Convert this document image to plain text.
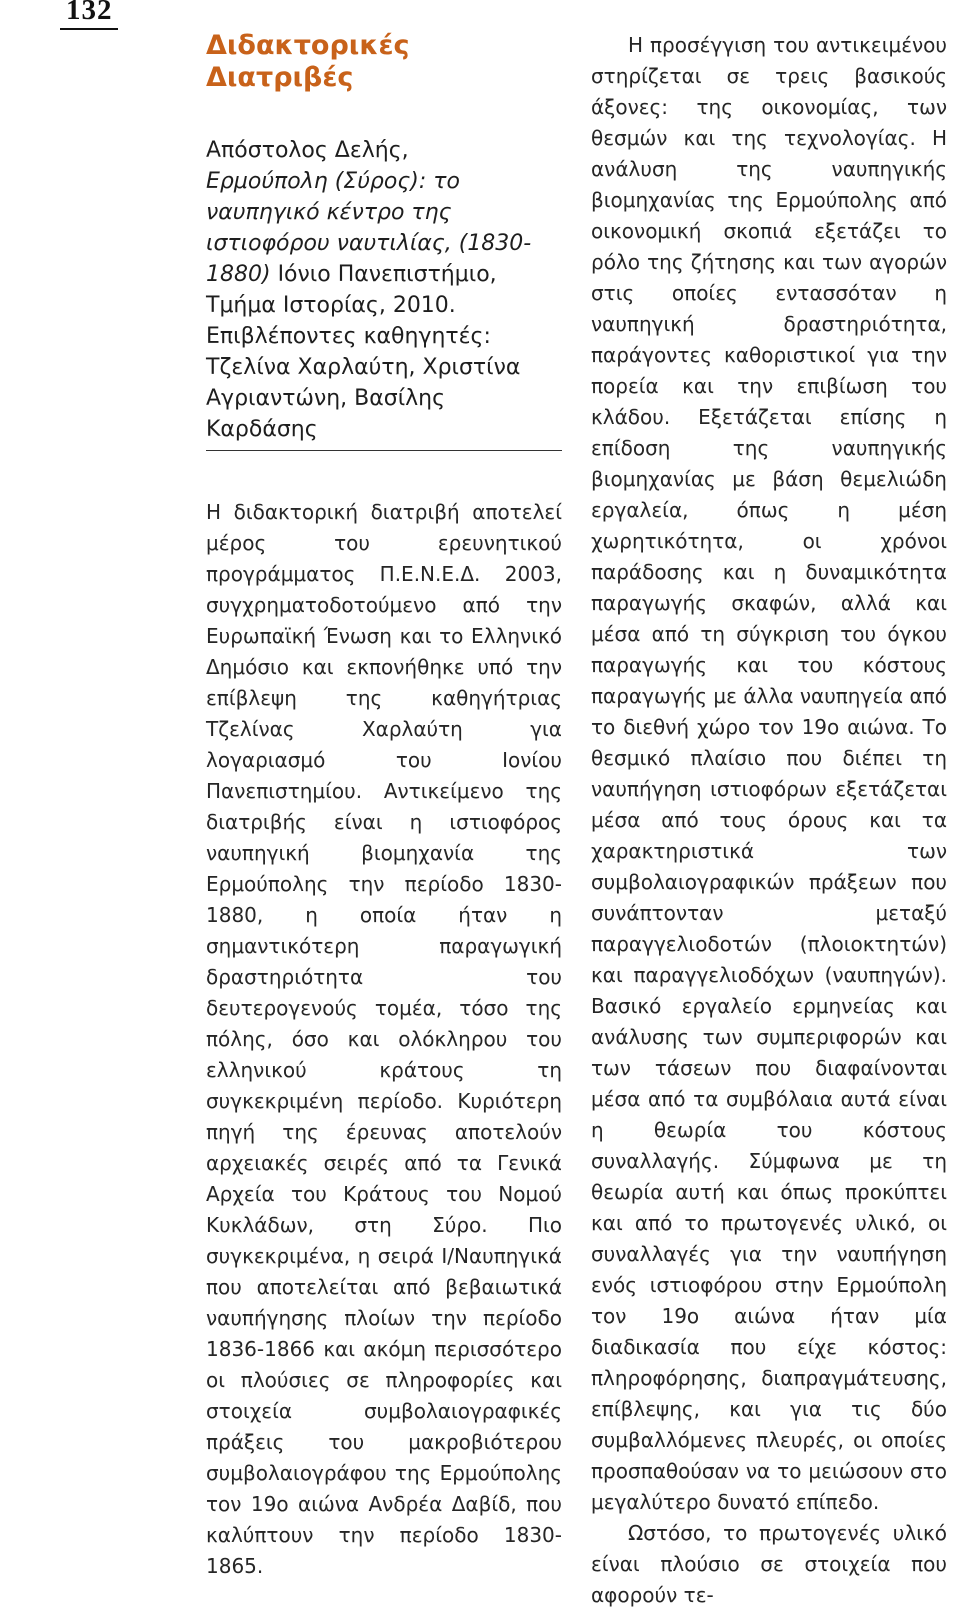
132
Διδακτορικές Διατριβές
Απόστολος Δελής,
Ερμούπολη (Σύρος): το ναυπηγικό κέντρο της ιστιοφόρου ναυτιλίας, (1830-1880) Ιόνιο Πανεπιστήμιο, Τμήμα Ιστορίας, 2010.
Επιβλέποντες καθηγητές: Τζελίνα Χαρλαύτη, Χριστίνα Αγριαντώνη, Βασίλης Καρδάσης

Η διδακτορική διατριβή αποτελεί μέρος του ερευνητικού προγράμματος Π.Ε.Ν.Ε.Δ. 2003, συγχρηματοδοτούμενο από την Ευρωπαϊκή Ένωση και το Ελληνικό Δημόσιο και εκπονήθηκε υπό την επίβλεψη της καθηγήτριας Τζελίνας Χαρλαύτη για λογαριασμό του Ιονίου Πανεπιστημίου. Αντικείμενο της διατριβής είναι η ιστιοφόρος ναυπηγική βιομηχανία της Ερμούπολης την περίοδο 1830-1880, η οποία ήταν η σημαντικότερη παραγωγική δραστηριότητα του δευτερογενούς τομέα, τόσο της πόλης, όσο και ολόκληρου του ελληνικού κράτους τη συγκεκριμένη περίοδο. Κυριότερη πηγή της έρευνας αποτελούν αρχειακές σειρές από τα Γενικά Αρχεία του Κράτους του Νομού Κυκλάδων, στη Σύρο. Πιο συγκεκριμένα, η σειρά Ι/Ναυπηγικά που αποτελείται από βεβαιωτικά ναυπήγησης πλοίων την περίοδο 1836-1866 και ακόμη περισσότερο οι πλούσιες σε πληροφορίες και στοιχεία συμβολαιογραφικές πράξεις του μακροβιότερου συμβολαιογράφου της Ερμούπολης τον 19ο αιώνα Ανδρέα Δαβίδ, που καλύπτουν την περίοδο 1830-1865.

Η προσέγγιση του αντικειμένου στηρίζεται σε τρεις βασικούς άξονες: της οικονομίας, των θεσμών και της τεχνολογίας. Η ανάλυση της ναυπηγικής βιομηχανίας της Ερμούπολης από οικονομική σκοπιά εξετάζει το ρόλο της ζήτησης και των αγορών στις οποίες εντασσόταν η ναυπηγική δραστηριότητα, παράγοντες καθοριστικοί για την πορεία και την επιβίωση του κλάδου. Εξετάζεται επίσης η επίδοση της ναυπηγικής βιομηχανίας με βάση θεμελιώδη εργαλεία, όπως η μέση χωρητικότητα, οι χρόνοι παράδοσης και η δυναμικότητα παραγωγής σκαφών, αλλά και μέσα από τη σύγκριση του όγκου παραγωγής και του κόστους παραγωγής με άλλα ναυπηγεία από το διεθνή χώρο τον 19ο αιώνα. Το θεσμικό πλαίσιο που διέπει τη ναυπήγηση ιστιοφόρων εξετάζεται μέσα από τους όρους και τα χαρακτηριστικά των συμβολαιογραφικών πράξεων που συνάπτονταν μεταξύ παραγγελιοδοτών (πλοιοκτητών) και παραγγελιοδόχων (ναυπηγών). Βασικό εργαλείο ερμηνείας και ανάλυσης των συμπεριφορών και των τάσεων που διαφαίνονται μέσα από τα συμβόλαια αυτά είναι η θεωρία του κόστους συναλλαγής. Σύμφωνα με τη θεωρία αυτή και όπως προκύπτει και από το πρωτογενές υλικό, οι συναλλαγές για την ναυπήγηση ενός ιστιοφόρου στην Ερμούπολη τον 19ο αιώνα ήταν μία διαδικασία που είχε κόστος: πληροφόρησης, διαπραγμάτευσης, επίβλεψης, και για τις δύο συμβαλλόμενες πλευρές, οι οποίες προσπαθούσαν να το μειώσουν στο μεγαλύτερο δυνατό επίπεδο.

Ωστόσο, το πρωτογενές υλικό είναι πλούσιο σε στοιχεία που αφορούν τε-
